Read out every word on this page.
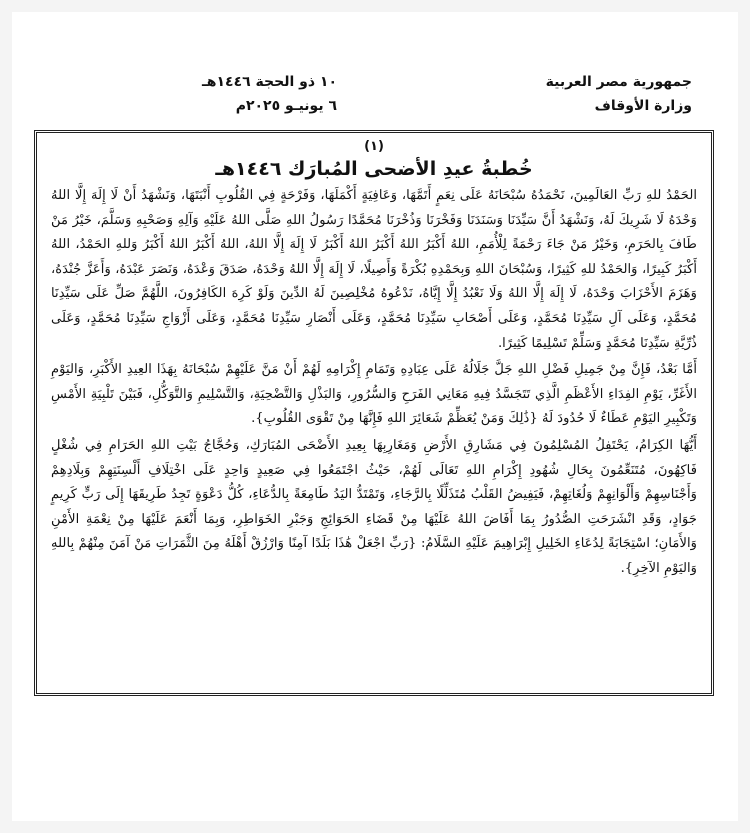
جمهورية مصر العربية
وزارة الأوقاف
١٠ ذو الحجة ١٤٤٦هـ
٦ يونيـو ٢٠٢٥م
(١)
خُطبةُ عيدِ الأضحى المُبارَك ١٤٤٦هـ

الحَمْدُ للهِ رَبِّ العَالَمِينَ، نَحْمَدُهُ سُبْحَانَهُ عَلَى نِعَمٍ أَتَمَّهَا، وَعَافِيَةٍ أَكْمَلَهَا، وَفَرْحَةٍ فِي القُلُوبِ أَنْبَتَهَا، وَنَشْهَدُ أَنْ لَا إِلَهَ إِلَّا اللهُ وَحْدَهُ لَا شَرِيكَ لَهُ، وَنَشْهَدُ أَنَّ سَيِّدَنَا وَسَنَدَنَا وَفَخْرَنَا وَذُخْرَنَا مُحَمَّدًا رَسُولُ اللهِ صَلَّى اللهُ عَلَيْهِ وَآلِهِ وَصَحْبِهِ وَسَلَّمَ، خَيْرُ مَنْ طَافَ بِالحَرَمِ، وَخَيْرُ مَنْ جَاءَ رَحْمَةً لِلْأُمَمِ، اللهُ أَكْبَرُ اللهُ أَكْبَرُ اللهُ أَكْبَرُ لَا إِلَهَ إِلَّا اللهُ، اللهُ أَكْبَرُ اللهُ أَكْبَرُ وَللهِ الحَمْدُ، اللهُ أَكْبَرُ كَبِيرًا، وَالحَمْدُ للهِ كَثِيرًا، وَسُبْحَانَ اللهِ وَبِحَمْدِهِ بُكْرَةً وَأَصِيلًا، لَا إِلَهَ إِلَّا اللهُ وَحْدَهُ، صَدَقَ وَعْدَهُ، وَنَصَرَ عَبْدَهُ، وَأَعَزَّ جُنْدَهُ، وَهَزَمَ الأَحْزَابَ وَحْدَهُ، لَا إِلَهَ إِلَّا اللهُ وَلَا نَعْبُدُ إِلَّا إِيَّاهُ، نَدْعُوهُ مُخْلِصِينَ لَهُ الدِّينَ وَلَوْ كَرِهَ الكَافِرُونَ، اللَّهُمَّ صَلِّ عَلَى سَيِّدِنَا مُحَمَّدٍ، وَعَلَى آلِ سَيِّدِنَا مُحَمَّدٍ، وَعَلَى أَصْحَابِ سَيِّدِنَا مُحَمَّدٍ، وَعَلَى أَنْصَارِ سَيِّدِنَا مُحَمَّدٍ، وَعَلَى أَزْوَاجِ سَيِّدِنَا مُحَمَّدٍ، وَعَلَى ذُرِّيَّةِ سَيِّدِنَا مُحَمَّدٍ وَسَلِّمْ تَسْلِيمًا كَثِيرًا.

أَمَّا بَعْدُ، فَإِنَّ مِنْ جَمِيلِ فَضْلِ اللهِ جَلَّ جَلَالُهُ عَلَى عِبَادِهِ وَتَمَامِ إِكْرَامِهِ لَهُمْ أَنْ مَنَّ عَلَيْهِمْ سُبْحَانَهُ بِهَذَا العِيدِ الأَكْبَرِ، وَاليَوْمِ الأَغَرِّ، يَوْمِ الفِدَاءِ الأَعْظَمِ الَّذِي تَتَجَسَّدُ فِيهِ مَعَانِي الفَرَحِ وَالسُّرُورِ، وَالبَذْلِ وَالتَّضْحِيَةِ، وَالتَّسْلِيمِ وَالتَّوَكُّلِ، فَبَيْنَ تَلْبِيَةِ الأَمْسِ وَتَكْبِيرِ اليَوْمِ عَطَاءٌ لَا حُدُودَ لَهُ {ذَٰلِكَ وَمَنْ يُعَظِّمْ شَعَائِرَ اللهِ فَإِنَّهَا مِنْ تَقْوَى القُلُوبِ}.

أَيُّهَا الكِرَامُ، يَحْتَفِلُ المُسْلِمُونَ فِي مَشَارِقِ الأَرْضِ وَمَغَارِبِهَا بِعِيدِ الأَضْحَى المُبَارَكِ، وَحُجَّاجُ بَيْتِ اللهِ الحَرَامِ فِي شُغْلٍ فَاكِهُونَ، مُتَنَعِّمُونَ بِحَالِ شُهُودِ إِكْرَامِ اللهِ تَعَالَى لَهُمْ، حَيْثُ اجْتَمَعُوا فِي صَعِيدٍ وَاحِدٍ عَلَى اخْتِلَافِ أَلْسِنَتِهِمْ وَبِلَادِهِمْ وَأَجْنَاسِهِمْ وَأَلْوَانِهِمْ وَلُغَاتِهِمْ، فَيَفِيضُ القَلْبُ مُتَذَلِّلًا بِالرَّجَاءِ، وَتَمْتَدُّ اليَدُ طَامِعَةً بِالدُّعَاءِ، كُلُّ دَعْوَةٍ تَجِدُ طَرِيقَهَا إِلَى رَبٍّ كَرِيمٍ جَوَادٍ، وَقَدِ انْشَرَحَتِ الصُّدُورُ بِمَا أَفَاضَ اللهُ عَلَيْهَا مِنْ قَضَاءِ الحَوَائِجِ وَجَبْرِ الخَوَاطِرِ، وَبِمَا أَنْعَمَ عَلَيْهَا مِنْ نِعْمَةِ الأَمْنِ وَالأَمَانِ؛ اسْتِجَابَةً لِدُعَاءِ الخَلِيلِ إِبْرَاهِيمَ عَلَيْهِ السَّلَامُ: {رَبِّ اجْعَلْ هَٰذَا بَلَدًا آمِنًا وَارْزُقْ أَهْلَهُ مِنَ الثَّمَرَاتِ مَنْ آمَنَ مِنْهُمْ بِاللهِ وَاليَوْمِ الآخِرِ}.
